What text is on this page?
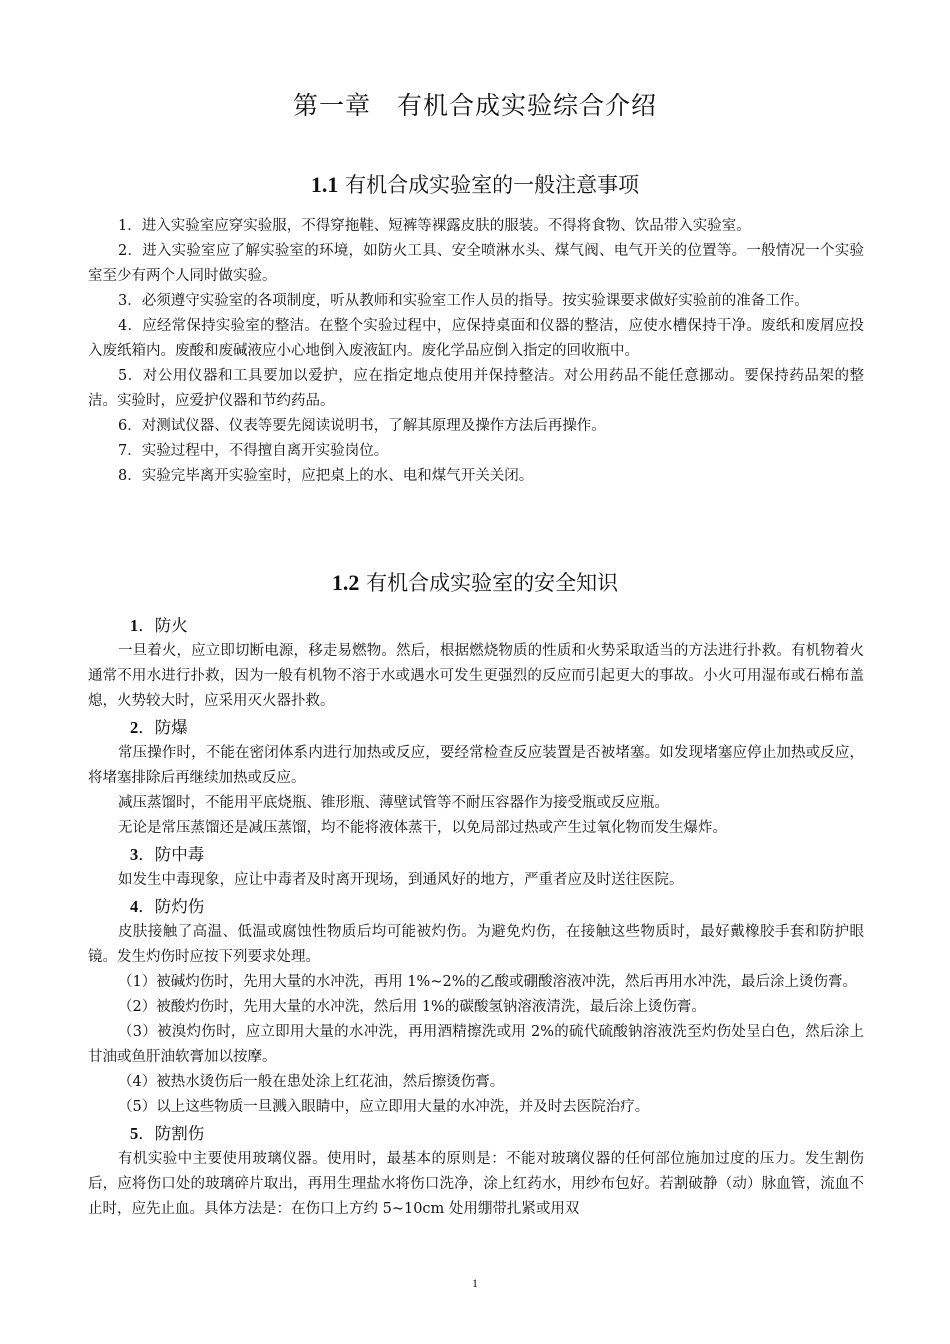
第一章　有机合成实验综合介绍
1.1 有机合成实验室的一般注意事项

1．进入实验室应穿实验服，不得穿拖鞋、短裤等裸露皮肤的服装。不得将食物、饮品带入实验室。

2．进入实验室应了解实验室的环境，如防火工具、安全喷淋水头、煤气阀、电气开关的位置等。一般情况一个实验室至少有两个人同时做实验。

3．必须遵守实验室的各项制度，听从教师和实验室工作人员的指导。按实验课要求做好实验前的准备工作。

4．应经常保持实验室的整洁。在整个实验过程中，应保持桌面和仪器的整洁，应使水槽保持干净。废纸和废屑应投入废纸箱内。废酸和废碱液应小心地倒入废液缸内。废化学品应倒入指定的回收瓶中。

5．对公用仪器和工具要加以爱护，应在指定地点使用并保持整洁。对公用药品不能任意挪动。要保持药品架的整洁。实验时，应爱护仪器和节约药品。

6．对测试仪器、仪表等要先阅读说明书，了解其原理及操作方法后再操作。

7．实验过程中，不得擅自离开实验岗位。

8．实验完毕离开实验室时，应把桌上的水、电和煤气开关关闭。

1.2 有机合成实验室的安全知识

1．防火

一旦着火，应立即切断电源，移走易燃物。然后，根据燃烧物质的性质和火势采取适当的方法进行扑救。有机物着火通常不用水进行扑救，因为一般有机物不溶于水或遇水可发生更强烈的反应而引起更大的事故。小火可用湿布或石棉布盖熄，火势较大时，应采用灭火器扑救。

2．防爆

常压操作时，不能在密闭体系内进行加热或反应，要经常检查反应装置是否被堵塞。如发现堵塞应停止加热或反应，将堵塞排除后再继续加热或反应。

减压蒸馏时，不能用平底烧瓶、锥形瓶、薄壁试管等不耐压容器作为接受瓶或反应瓶。

无论是常压蒸馏还是减压蒸馏，均不能将液体蒸干，以免局部过热或产生过氧化物而发生爆炸。

3．防中毒

如发生中毒现象，应让中毒者及时离开现场，到通风好的地方，严重者应及时送往医院。

4．防灼伤

皮肤接触了高温、低温或腐蚀性物质后均可能被灼伤。为避免灼伤，在接触这些物质时，最好戴橡胶手套和防护眼镜。发生灼伤时应按下列要求处理。

（1）被碱灼伤时，先用大量的水冲洗，再用 1%~2%的乙酸或硼酸溶液冲洗，然后再用水冲洗，最后涂上烫伤膏。

（2）被酸灼伤时，先用大量的水冲洗，然后用 1%的碳酸氢钠溶液清洗，最后涂上烫伤膏。

（3）被溴灼伤时，应立即用大量的水冲洗，再用酒精擦洗或用 2%的硫代硫酸钠溶液洗至灼伤处呈白色，然后涂上甘油或鱼肝油软膏加以按摩。

（4）被热水烫伤后一般在患处涂上红花油，然后擦烫伤膏。

（5）以上这些物质一旦溅入眼睛中，应立即用大量的水冲洗，并及时去医院治疗。

5．防割伤

有机实验中主要使用玻璃仪器。使用时，最基本的原则是：不能对玻璃仪器的任何部位施加过度的压力。发生割伤后，应将伤口处的玻璃碎片取出，再用生理盐水将伤口洗净，涂上红药水，用纱布包好。若割破静（动）脉血管，流血不止时，应先止血。具体方法是：在伤口上方约 5~10cm 处用绷带扎紧或用双

1
